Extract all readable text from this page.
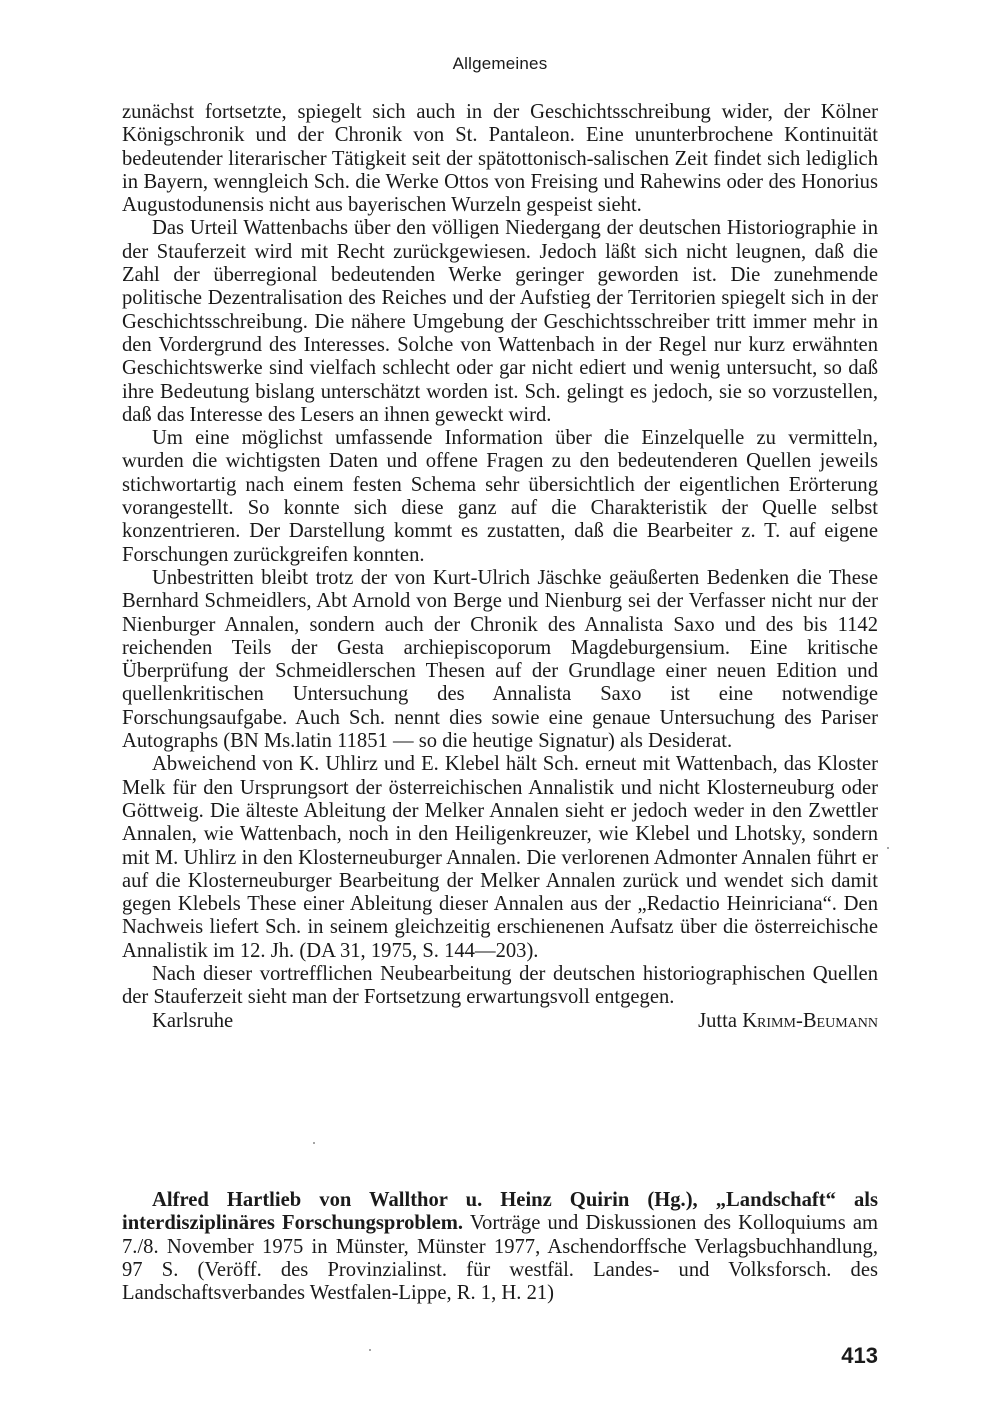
Allgemeines

zunächst fortsetzte, spiegelt sich auch in der Geschichtsschreibung wider, der Kölner Königschronik und der Chronik von St. Pantaleon. Eine ununterbrochene Kontinuität bedeutender literarischer Tätigkeit seit der spätottonisch-salischen Zeit findet sich lediglich in Bayern, wenngleich Sch. die Werke Ottos von Freising und Rahewins oder des Honorius Augustodunensis nicht aus bayerischen Wurzeln gespeist sieht.

Das Urteil Wattenbachs über den völligen Niedergang der deutschen Historiographie in der Stauferzeit wird mit Recht zurückgewiesen. Jedoch läßt sich nicht leugnen, daß die Zahl der überregional bedeutenden Werke geringer geworden ist. Die zunehmende politische Dezentralisation des Reiches und der Aufstieg der Territorien spiegelt sich in der Geschichtsschreibung. Die nähere Umgebung der Geschichtsschreiber tritt immer mehr in den Vordergrund des Interesses. Solche von Wattenbach in der Regel nur kurz erwähnten Geschichtswerke sind vielfach schlecht oder gar nicht ediert und wenig untersucht, so daß ihre Bedeutung bislang unterschätzt worden ist. Sch. gelingt es jedoch, sie so vorzustellen, daß das Interesse des Lesers an ihnen geweckt wird.

Um eine möglichst umfassende Information über die Einzelquelle zu vermitteln, wurden die wichtigsten Daten und offene Fragen zu den bedeutenderen Quellen jeweils stichwortartig nach einem festen Schema sehr übersichtlich der eigentlichen Erörterung vorangestellt. So konnte sich diese ganz auf die Charakteristik der Quelle selbst konzentrieren. Der Darstellung kommt es zustatten, daß die Bearbeiter z. T. auf eigene Forschungen zurückgreifen konnten.

Unbestritten bleibt trotz der von Kurt-Ulrich Jäschke geäußerten Bedenken die These Bernhard Schmeidlers, Abt Arnold von Berge und Nienburg sei der Verfasser nicht nur der Nienburger Annalen, sondern auch der Chronik des Annalista Saxo und des bis 1142 reichenden Teils der Gesta archiepiscoporum Magdeburgensium. Eine kritische Überprüfung der Schmeidlerschen Thesen auf der Grundlage einer neuen Edition und quellenkritischen Untersuchung des Annalista Saxo ist eine notwendige Forschungsaufgabe. Auch Sch. nennt dies sowie eine genaue Untersuchung des Pariser Autographs (BN Ms.latin 11851 — so die heutige Signatur) als Desiderat.

Abweichend von K. Uhlirz und E. Klebel hält Sch. erneut mit Wattenbach, das Kloster Melk für den Ursprungsort der österreichischen Annalistik und nicht Klosterneuburg oder Göttweig. Die älteste Ableitung der Melker Annalen sieht er jedoch weder in den Zwettler Annalen, wie Wattenbach, noch in den Heiligenkreuzer, wie Klebel und Lhotsky, sondern mit M. Uhlirz in den Klosterneuburger Annalen. Die verlorenen Admonter Annalen führt er auf die Klosterneuburger Bearbeitung der Melker Annalen zurück und wendet sich damit gegen Klebels These einer Ableitung dieser Annalen aus der „Redactio Heinriciana“. Den Nachweis liefert Sch. in seinem gleichzeitig erschienenen Aufsatz über die österreichische Annalistik im 12. Jh. (DA 31, 1975, S. 144—203).

Nach dieser vortrefflichen Neubearbeitung der deutschen historiographischen Quellen der Stauferzeit sieht man der Fortsetzung erwartungsvoll entgegen.

Karlsruhe	Jutta Krimm-Beumann

Alfred Hartlieb von Wallthor u. Heinz Quirin (Hg.), „Landschaft“ als interdisziplinäres Forschungsproblem. Vorträge und Diskussionen des Kolloquiums am 7./8. November 1975 in Münster, Münster 1977, Aschendorffsche Verlagsbuchhandlung, 97 S. (Veröff. des Provinzialinst. für westfäl. Landes- und Volksforsch. des Landschaftsverbandes Westfalen-Lippe, R. 1, H. 21)

413
